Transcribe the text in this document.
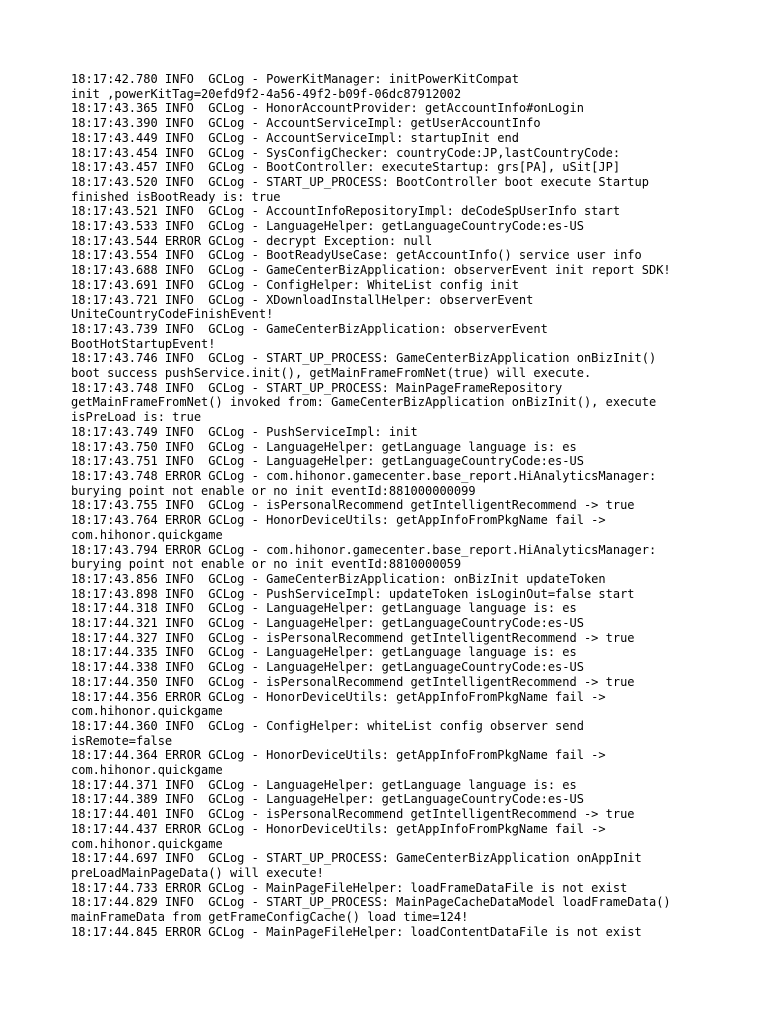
18:17:42.780 INFO  GCLog - PowerKitManager: initPowerKitCompat
init ,powerKitTag=20efd9f2-4a56-49f2-b09f-06dc87912002
18:17:43.365 INFO  GCLog - HonorAccountProvider: getAccountInfo#onLogin
18:17:43.390 INFO  GCLog - AccountServiceImpl: getUserAccountInfo
18:17:43.449 INFO  GCLog - AccountServiceImpl: startupInit end
18:17:43.454 INFO  GCLog - SysConfigChecker: countryCode:JP,lastCountryCode:
18:17:43.457 INFO  GCLog - BootController: executeStartup: grs[PA], uSit[JP]
18:17:43.520 INFO  GCLog - START_UP_PROCESS: BootController boot execute Startup
finished isBootReady is: true
18:17:43.521 INFO  GCLog - AccountInfoRepositoryImpl: deCodeSpUserInfo start
18:17:43.533 INFO  GCLog - LanguageHelper: getLanguageCountryCode:es-US
18:17:43.544 ERROR GCLog - decrypt Exception: null
18:17:43.554 INFO  GCLog - BootReadyUseCase: getAccountInfo() service user info
18:17:43.688 INFO  GCLog - GameCenterBizApplication: observerEvent init report SDK!
18:17:43.691 INFO  GCLog - ConfigHelper: WhiteList config init
18:17:43.721 INFO  GCLog - XDownloadInstallHelper: observerEvent
UniteCountryCodeFinishEvent!
18:17:43.739 INFO  GCLog - GameCenterBizApplication: observerEvent
BootHotStartupEvent!
18:17:43.746 INFO  GCLog - START_UP_PROCESS: GameCenterBizApplication onBizInit()
boot success pushService.init(), getMainFrameFromNet(true) will execute.
18:17:43.748 INFO  GCLog - START_UP_PROCESS: MainPageFrameRepository
getMainFrameFromNet() invoked from: GameCenterBizApplication onBizInit(), execute
isPreLoad is: true
18:17:43.749 INFO  GCLog - PushServiceImpl: init
18:17:43.750 INFO  GCLog - LanguageHelper: getLanguage language is: es
18:17:43.751 INFO  GCLog - LanguageHelper: getLanguageCountryCode:es-US
18:17:43.748 ERROR GCLog - com.hihonor.gamecenter.base_report.HiAnalyticsManager:
burying point not enable or no init eventId:881000000099
18:17:43.755 INFO  GCLog - isPersonalRecommend getIntelligentRecommend -> true
18:17:43.764 ERROR GCLog - HonorDeviceUtils: getAppInfoFromPkgName fail ->
com.hihonor.quickgame
18:17:43.794 ERROR GCLog - com.hihonor.gamecenter.base_report.HiAnalyticsManager:
burying point not enable or no init eventId:8810000059
18:17:43.856 INFO  GCLog - GameCenterBizApplication: onBizInit updateToken
18:17:43.898 INFO  GCLog - PushServiceImpl: updateToken isLoginOut=false start
18:17:44.318 INFO  GCLog - LanguageHelper: getLanguage language is: es
18:17:44.321 INFO  GCLog - LanguageHelper: getLanguageCountryCode:es-US
18:17:44.327 INFO  GCLog - isPersonalRecommend getIntelligentRecommend -> true
18:17:44.335 INFO  GCLog - LanguageHelper: getLanguage language is: es
18:17:44.338 INFO  GCLog - LanguageHelper: getLanguageCountryCode:es-US
18:17:44.350 INFO  GCLog - isPersonalRecommend getIntelligentRecommend -> true
18:17:44.356 ERROR GCLog - HonorDeviceUtils: getAppInfoFromPkgName fail ->
com.hihonor.quickgame
18:17:44.360 INFO  GCLog - ConfigHelper: whiteList config observer send
isRemote=false
18:17:44.364 ERROR GCLog - HonorDeviceUtils: getAppInfoFromPkgName fail ->
com.hihonor.quickgame
18:17:44.371 INFO  GCLog - LanguageHelper: getLanguage language is: es
18:17:44.389 INFO  GCLog - LanguageHelper: getLanguageCountryCode:es-US
18:17:44.401 INFO  GCLog - isPersonalRecommend getIntelligentRecommend -> true
18:17:44.437 ERROR GCLog - HonorDeviceUtils: getAppInfoFromPkgName fail ->
com.hihonor.quickgame
18:17:44.697 INFO  GCLog - START_UP_PROCESS: GameCenterBizApplication onAppInit
preLoadMainPageData() will execute!
18:17:44.733 ERROR GCLog - MainPageFileHelper: loadFrameDataFile is not exist
18:17:44.829 INFO  GCLog - START_UP_PROCESS: MainPageCacheDataModel loadFrameData()
mainFrameData from getFrameConfigCache() load time=124!
18:17:44.845 ERROR GCLog - MainPageFileHelper: loadContentDataFile is not exist
